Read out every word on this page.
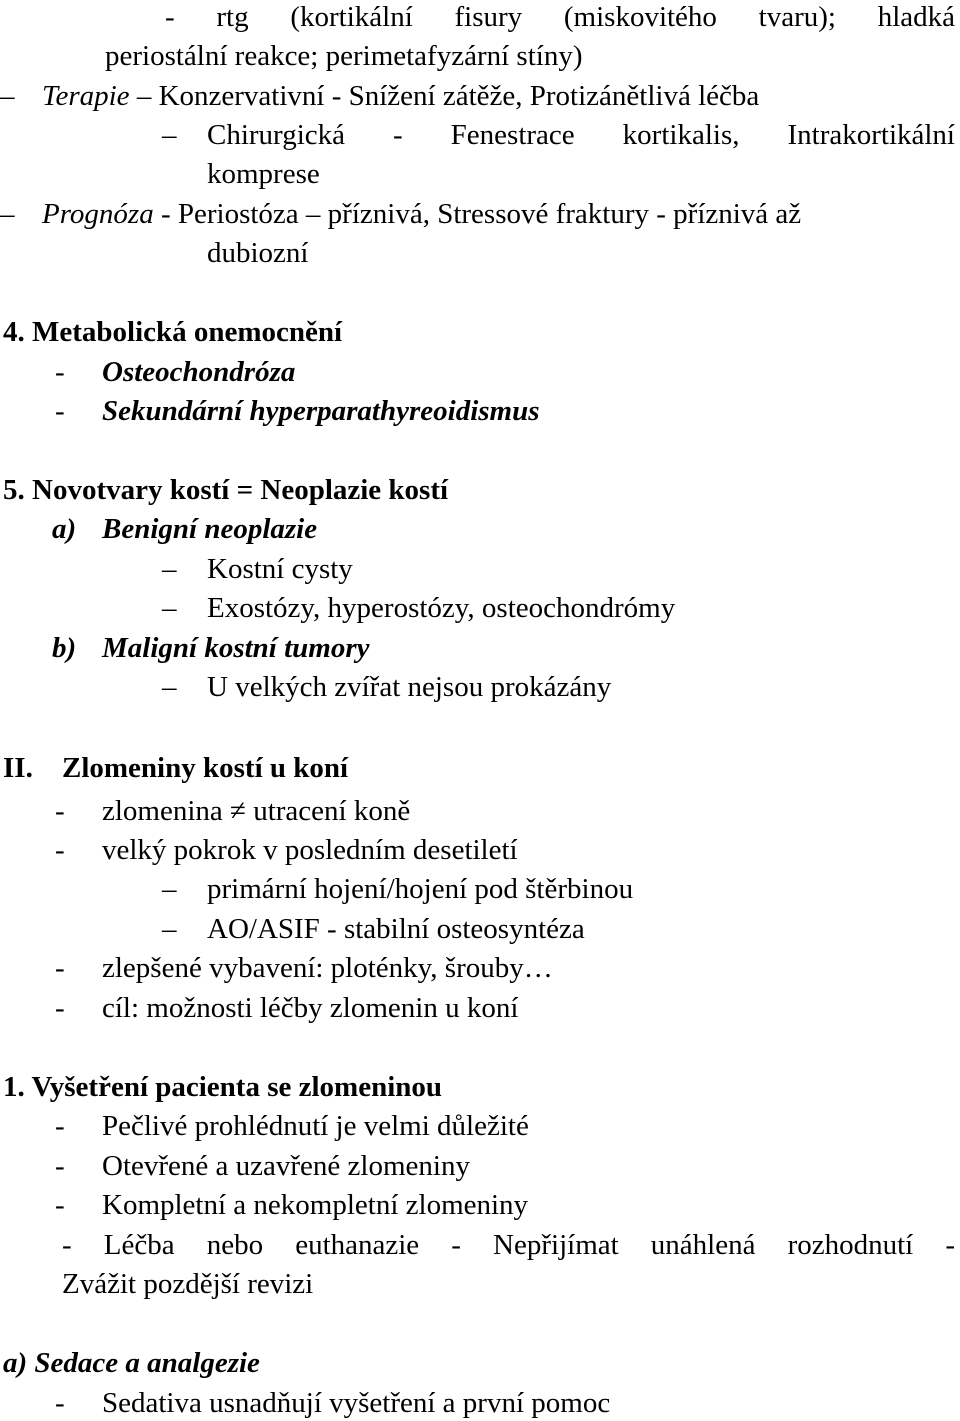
- rtg (kortikální fisury (miskovitého tvaru); hladká
periostální reakce; perimetafyzární stíny)
– Terapie – Konzervativní - Snížení zátěže, Protizánětlivá léčba
– Chirurgická - Fenestrace kortikalis, Intrakortikální
komprese
– Prognóza - Periostóza – příznivá, Stressové fraktury - příznivá až
dubiozní
4. Metabolická onemocnění
- Osteochondróza
- Sekundární hyperparathyreoidismus
5. Novotvary kostí = Neoplazie kostí
a) Benigní neoplazie
– Kostní cysty
– Exostózy, hyperostózy, osteochondrómy
b) Maligní kostní tumory
– U velkých zvířat nejsou prokázány
II. Zlomeniny kostí u koní
- zlomenina ≠ utracení koně
- velký pokrok v posledním desetiletí
– primární hojení/hojení pod štěrbinou
– AO/ASIF - stabilní osteosyntéza
- zlepšené vybavení: ploténky, šrouby…
- cíl: možnosti léčby zlomenin u koní
1. Vyšetření pacienta se zlomeninou
- Pečlivé prohlédnutí je velmi důležité
- Otevřené a uzavřené zlomeniny
- Kompletní a nekompletní zlomeniny
- Léčba nebo euthanazie - Nepřijímat unáhlená rozhodnutí -
Zvážit pozdější revizi
a) Sedace a analgezie
- Sedativa usnadňují vyšetření a první pomoc
